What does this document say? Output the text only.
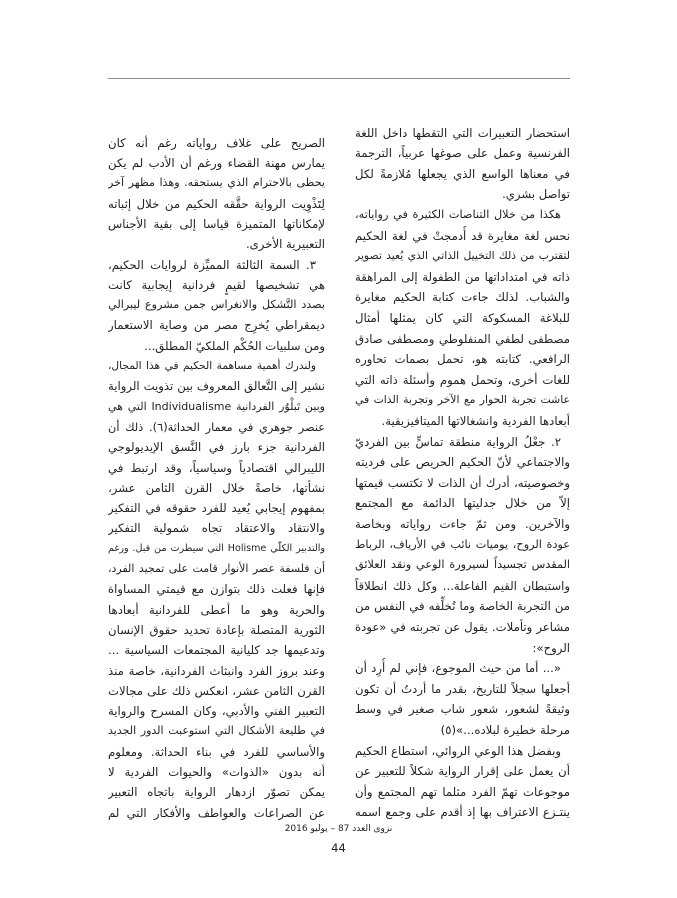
استحضار التعبيرات التي التقطها داخل اللغة
الفرنسية وعمل على صوغها عربياً، الترجمة
في معناها الواسع الذي يجعلها مُلازمةً لكل
تواصل بشري.
هكذا من خلال التناصات الكثيرة في رواياته،
نحس لغة مغايرة قد أُدمجتْ في لغة الحكيم
لتقترب من ذلك التخييل الذاتي الذي يُعيد تصوير
ذاته في امتداداتها من الطفولة إلى المراهقة
والشباب. لذلك جاءت كتابة الحكيم مغايرة
للبلاغة المسكوكة التي كان يمثلها أمثال
مصطفى لطفي المنفلوطي ومصطفى صادق
الرافعي. كتابته هو، تحمل بصمات تحاوره
للغات أخرى، وتحمل هموم وأسئلة ذاته التي
عاشت تجربة الحوار مع الآخر وتجربة الذات في
أبعادها الفردية وانشغالاتها الميتافيزيقية.
٢. جعْلُ الرواية منطقة تماسٍّ بين الفرديّ
والاجتماعي لأنّ الحكيم الحريص على فرديته
وخصوصيته، أدرك أن الذات لا تكتسب قيمتها
إلاّ من خلال جدليتها الدائمة مع المجتمع
والآخرين. ومن ثمّ جاءت رواياته وبخاصة
عودة الروح، يوميات نائب في الأرياف، الرباط
المقدس تجسيداً لسيرورة الوعي ونقد العلائق
واستبطان القيم الفاعلة... وكل ذلك انطلاقاً
من التجربة الخاصة وما تُخلِّفه في النفس من
مشاعر وتأملات. يقول عن تجربته في «عودة
الروح»:
«... أما من حيث الموجوع، فإني لم أُرِد أن
أجعلها سجلاً للتاريخ، بقدر ما أردتُ أن تكون
وثيقةً لشعور، شعور شاب صغير في وسط
مرحلة خطيرة لبلاده...»(٥)
وبفضل هذا الوعي الروائي، استطاع الحكيم
أن يعمل على إقرار الرواية شكلاً للتعبير عن
موجوعات تهمّ الفرد مثلما تهم المجتمع وأن
ينتـزع الاعتراف بها إذ أقدم على وجمع اسمه
الصريح على غلاف رواياته رغم أنه كان
يمارس مهنة القضاء ورغم أن الأدب لم يكن
يحظى بالاحترام الذي يستحقه. وهذا مظهر آخر
لِتَذْوِيت الرواية حقَّقه الحكيم من خلال إثباته
لإمكاناتها المتميزة قياسا إلى بقية الأجناس
التعبيرية الأخرى.
٣. السمة الثالثة المميِّزة لروايات الحكيم،
هي تشخيصها لقيمٍ فردانية إيجابية كانت
بصدد التَّشكل والانغراس جمن مشروع ليبرالي
ديمقراطي يُخرِج مصر من وصاية الاستعمار
ومن سلبيات الحُكْم الملكيّ المطلق...
ولندرك أهمية مساهمة الحكيم في هذا المجال،
نشير إلى التَّعالق المعروف بين تذويت الرواية
وبين تَبلْوُر الفردانية Individualisme التي هي
عنصر جوهري في معمار الحداثة(٦). ذلك أن
الفردانية جزء بارز في النَّسق الإيديولوجي
الليبرالي اقتصادياً وسياسياً، وقد ارتبط في
نشأتها، خاصةً خلال القرن الثامن عشر،
بمفهوم إيجابي يُعيد للفرد حقوقه في التفكير
والانتقاد والاعتقاد تجاه شمولية التفكير
والتدبير الكلّي Holisme التي سيطرت من قبل. ورغم
أن فلسفة عصر الأنوار قامت على تمجيد الفرد،
فإنها فعلت ذلك بتوازن مع قيمتي المساواة
والحرية وهو ما أعطى للفردانية أبعادها
الثورية المتصلة بإعادة تحديد حقوق الإنسان
وتدعيمها جد كليانية المجتمعات السياسية ...
وعند بروز الفرد وانبثاث الفردانية، خاصة منذ
القرن الثامن عشر، انعكس ذلك على مجالات
التعبير الفني والأدبي، وكان المسرح والرواية
في طليعة الأشكال التي استوعبت الدور الجديد
والأساسي للفرد في بناء الحداثة. ومعلوم
أنه بدون «الذوات» والحيوات الفردية لا
يمكن تصوّر ازدهار الرواية باتجاه التعبير
عن الصراعات والعواطف والأفكار التي لم
نزوى العدد 87 – يوليو 2016
44
